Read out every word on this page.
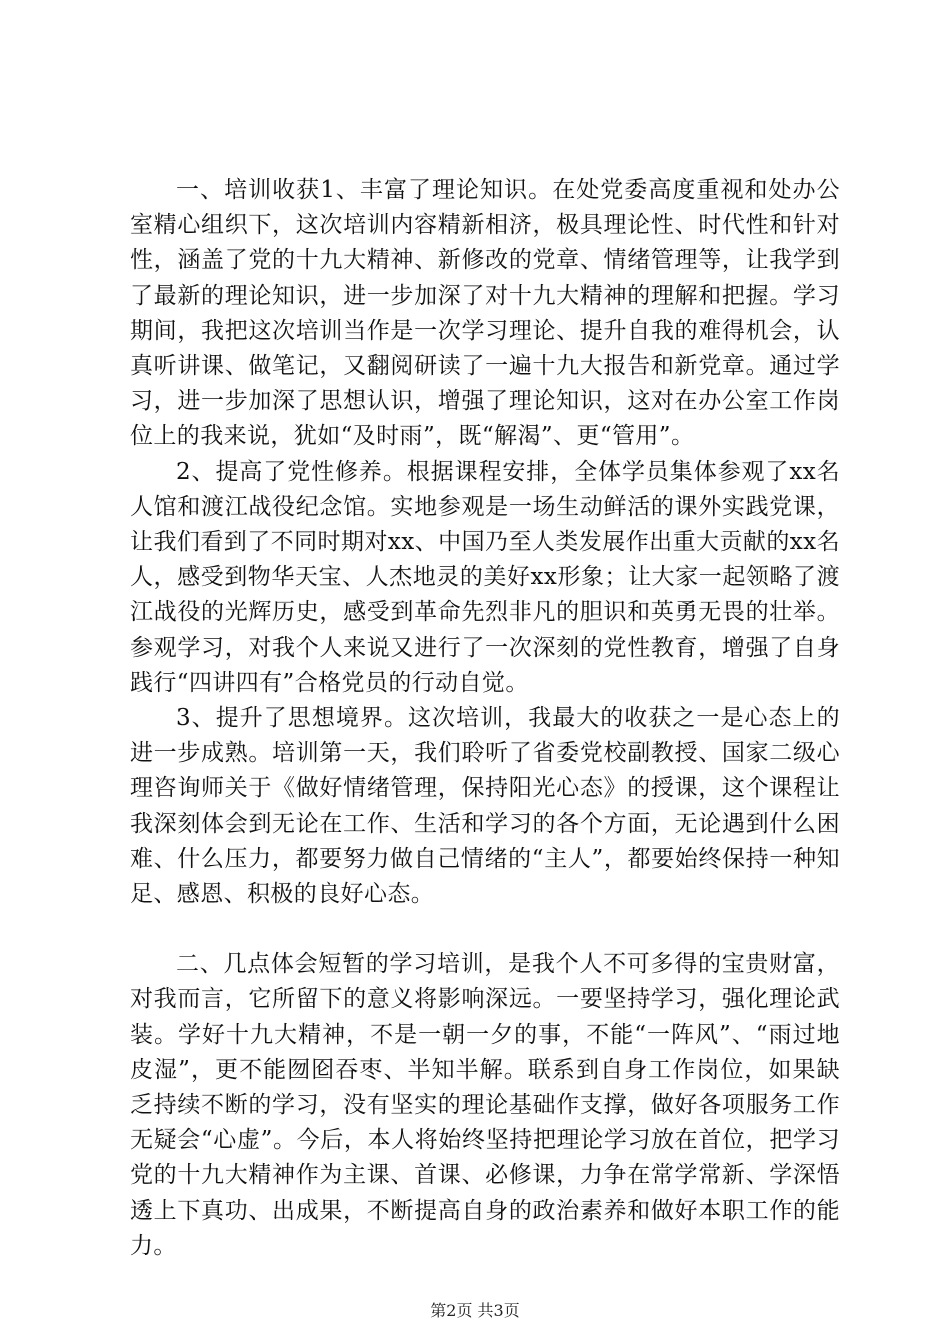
一、培训收获1、丰富了理论知识。在处党委高度重视和处办公室精心组织下，这次培训内容精新相济，极具理论性、时代性和针对性，涵盖了党的十九大精神、新修改的党章、情绪管理等，让我学到了最新的理论知识，进一步加深了对十九大精神的理解和把握。学习期间，我把这次培训当作是一次学习理论、提升自我的难得机会，认真听讲课、做笔记，又翻阅研读了一遍十九大报告和新党章。通过学习，进一步加深了思想认识，增强了理论知识，这对在办公室工作岗位上的我来说，犹如“及时雨”，既“解渴”、更“管用”。

2、提高了党性修养。根据课程安排，全体学员集体参观了xx名人馆和渡江战役纪念馆。实地参观是一场生动鲜活的课外实践党课，让我们看到了不同时期对xx、中国乃至人类发展作出重大贡献的xx名人，感受到物华天宝、人杰地灵的美好xx形象；让大家一起领略了渡江战役的光辉历史，感受到革命先烈非凡的胆识和英勇无畏的壮举。参观学习，对我个人来说又进行了一次深刻的党性教育，增强了自身践行“四讲四有”合格党员的行动自觉。

3、提升了思想境界。这次培训，我最大的收获之一是心态上的进一步成熟。培训第一天，我们聆听了省委党校副教授、国家二级心理咨询师关于《做好情绪管理，保持阳光心态》的授课，这个课程让我深刻体会到无论在工作、生活和学习的各个方面，无论遇到什么困难、什么压力，都要努力做自己情绪的“主人”，都要始终保持一种知足、感恩、积极的良好心态。

二、几点体会短暂的学习培训，是我个人不可多得的宝贵财富，对我而言，它所留下的意义将影响深远。一要坚持学习，强化理论武装。学好十九大精神，不是一朝一夕的事，不能“一阵风”、“雨过地皮湿”，更不能囫囵吞枣、半知半解。联系到自身工作岗位，如果缺乏持续不断的学习，没有坚实的理论基础作支撑，做好各项服务工作无疑会“心虚”。今后，本人将始终坚持把理论学习放在首位，把学习党的十九大精神作为主课、首课、必修课，力争在常学常新、学深悟透上下真功、出成果，不断提高自身的政治素养和做好本职工作的能力。

第2页 共3页
